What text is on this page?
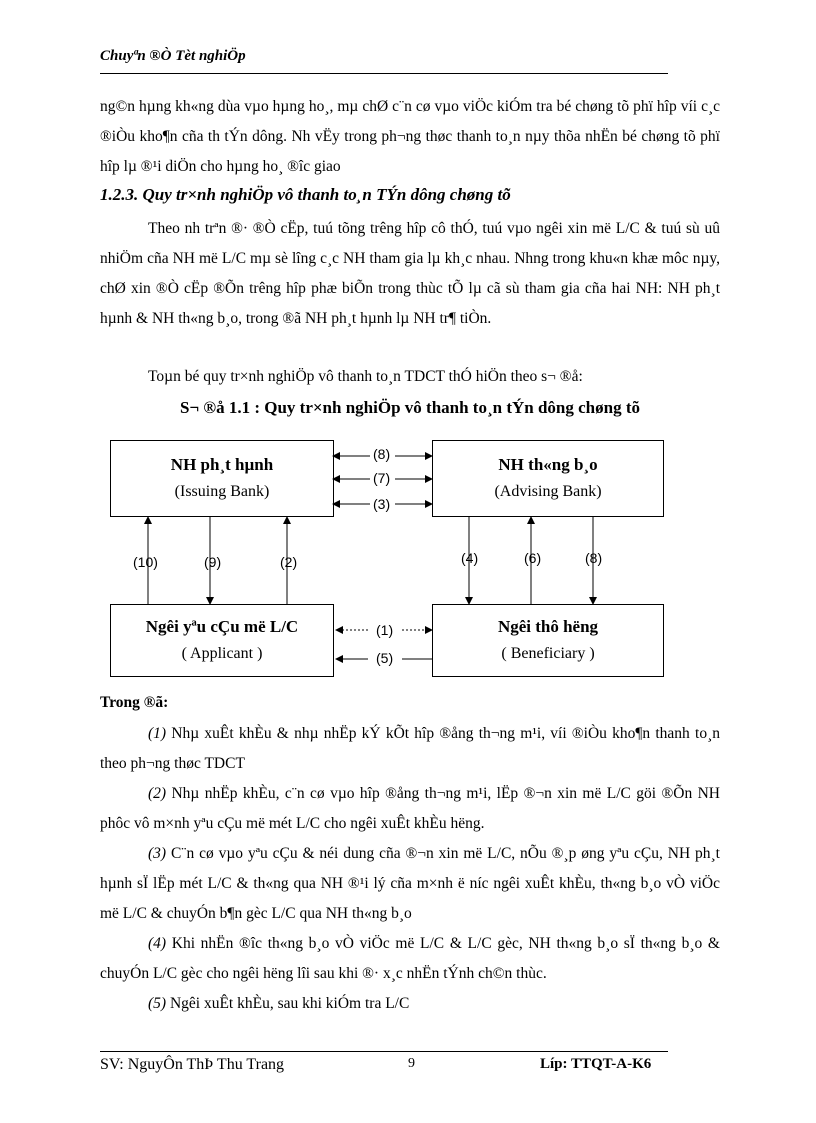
Chuyªn ®Ò Tèt nghiÖp

ng©n hµng kh«ng dùa vµo hµng ho¸, mµ chØ c¨n cø vµo viÖc kiÓm tra bé chøng tõ phï hîp víi c¸c ®iÒu kho¶n cña th tÝn dông. Nh vËy trong ph¬ng thøc thanh to¸n nµy thõa nhËn bé chøng tõ phï hîp lµ ®¹i diÖn cho hµng ho¸ ®îc giao

1.2.3. Quy tr×nh nghiÖp vô thanh to¸n TÝn dông chøng tõ

Theo nh trªn ®· ®Ò cËp, tuú tõng trêng hîp cô thÓ, tuú vµo ngêi xin më L/C & tuú sù uû nhiÖm cña NH më L/C mµ sè lîng c¸c NH tham gia lµ kh¸c nhau. Nhng trong khu«n khæ môc nµy, chØ xin ®Ò cËp ®Õn trêng hîp phæ biÕn trong thùc tÕ lµ cã sù tham gia cña hai NH: NH ph¸t hµnh & NH th«ng b¸o, trong ®ã NH ph¸t hµnh lµ NH tr¶ tiÒn.

Toµn bé quy tr×nh nghiÖp vô thanh to¸n TDCT thÓ hiÖn theo s¬ ®å:

S¬ ®å 1.1 : Quy tr×nh nghiÖp vô thanh to¸n tÝn dông chøng tõ
NH ph¸t hµnh
(Issuing Bank)
NH th«ng b¸o
(Advising Bank)
Ngêi yªu cÇu më L/C
( Applicant )
Ngêi thô hëng
( Beneficiary )
(8)
(7)
(3)
(10)	(9)	(2)	(4)	(6)	(8)
(1)
(5)
Trong ®ã:

(1) Nhµ xuÊt khÈu & nhµ nhËp kÝ kÕt hîp ®ång th¬ng m¹i, víi ®iÒu kho¶n thanh to¸n theo ph¬ng thøc TDCT

(2) Nhµ nhËp khÈu, c¨n cø vµo hîp ®ång th¬ng m¹i, lËp ®¬n xin më L/C göi ®Õn NH phôc vô m×nh yªu cÇu më mét L/C cho ngêi xuÊt khÈu hëng.

(3) C¨n cø vµo yªu cÇu & néi dung cña ®¬n xin më L/C, nÕu ®¸p øng yªu cÇu, NH ph¸t hµnh sÏ lËp mét L/C & th«ng qua NH ®¹i lý cña m×nh ë níc ngêi xuÊt khÈu, th«ng b¸o vÒ viÖc më L/C & chuyÓn b¶n gèc L/C qua NH th«ng b¸o

(4) Khi nhËn ®îc th«ng b¸o vÒ viÖc më L/C & L/C gèc, NH th«ng b¸o sÏ th«ng b¸o & chuyÓn L/C gèc cho ngêi hëng lîi sau khi ®· x¸c nhËn tÝnh ch©n thùc.

(5) Ngêi xuÊt khÈu, sau khi kiÓm tra L/C

SV: NguyÔn ThÞ Thu Trang	9	Líp: TTQT-A-K6
